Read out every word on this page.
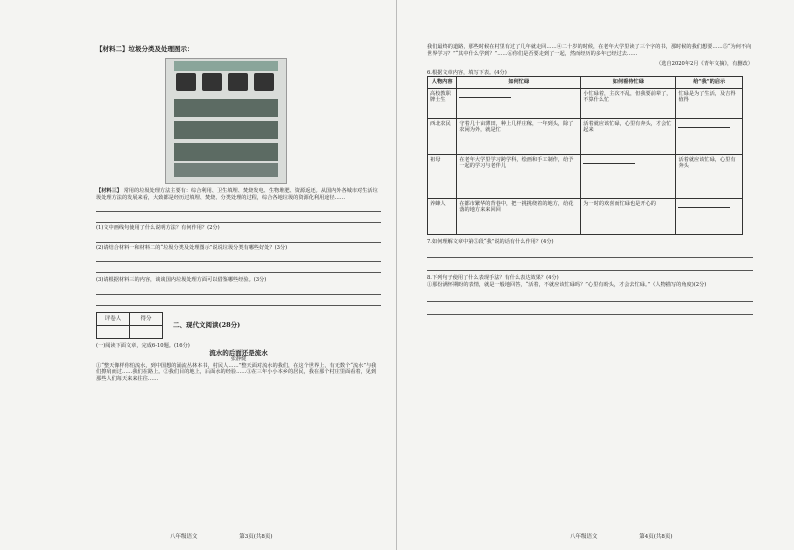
【材料二】垃圾分类及处理图示：

【材料三】 常用的垃圾处理方法主要有：综合利用、卫生填埋、焚烧发电、生物堆肥、资源返还。从国内外各城市对生活垃圾处理方法的发展来看，大致都是经历过填埋、焚烧、分类处理的过程，综合各地垃圾的资源化利用途径……

(1)文中画线句使用了什么说明方法？有何作用？(2分)

(2)请结合材料一和材料二的“垃圾分类及处理图示”说说垃圾分类有哪些好处？(3分)

(3)请根据材料三的内容，谈谈国内垃圾处理方面可以借鉴哪些经验。(3分)

评卷人	得分

二、现代文阅读(28分)

(一)阅读下面文章，完成6-10题。(16分)

流水的后面还是流水

张静健

①“整天像样你怕流水，到中国想的涌流丛林本书，村民人……”整天面对流水的我们，在这个世界上，有无数个“流水”与我们擦肩而过……我们在路上。②我们目的地上，后面水的经验……③在三年小小本乡的居民，我在那个村庄里面看着，见到那些人们每天来来往往……

八年级语文	第3页(共8页)

我们最终的道路，那些时候在村里有过了几年就走回……④二十岁的时候，在老年大学里读了三个字的书，那时候的我们想要……⑤“为何不向世界学习？”“其中什么学到？”……⑥你们是否要走到了一起，然而经历的多年已经过去……

（选自2020年2月《青年文摘》，有删改）

6.根据文章内容，填写下表。(4分)

人物内容	如何忙碌	如何看待忙碌	给“我”的启示
高校教职牌士生		小忙碌着，主次不乱，但我要前辈了，不算什么忙	忙碌是为了生活，及吉得值得
西北农民	守着几十亩薄田，种上几样庄稼，一年到头，除了农闲为外，就是忙	活着就应该忙碌，心里有奔头，才会忙起来	
祖母	在老年大学里学习跨学科，绘画和手工制作，给予一起的学习与老伴儿		活着就应该忙碌，心里有奔头
养蜂人	在都市繁华的背巷中，把一挑挑绕着的地方，给花落的地方来来回回	为一时的欢喜而忙碌也是开心的	

7.如何理解文章中第⑤段“我”说的话有什么作用？(4分)

8.下列句子使用了什么表现手法？有什么表达效果？(4分)

①那份满怀期盼的表情，就是一般地回答，“活着，不就应该忙碌吗？”心里有盼头，才会去忙碌。”（人物描写的角度)(2分)

八年级语文	第4页(共8页)
